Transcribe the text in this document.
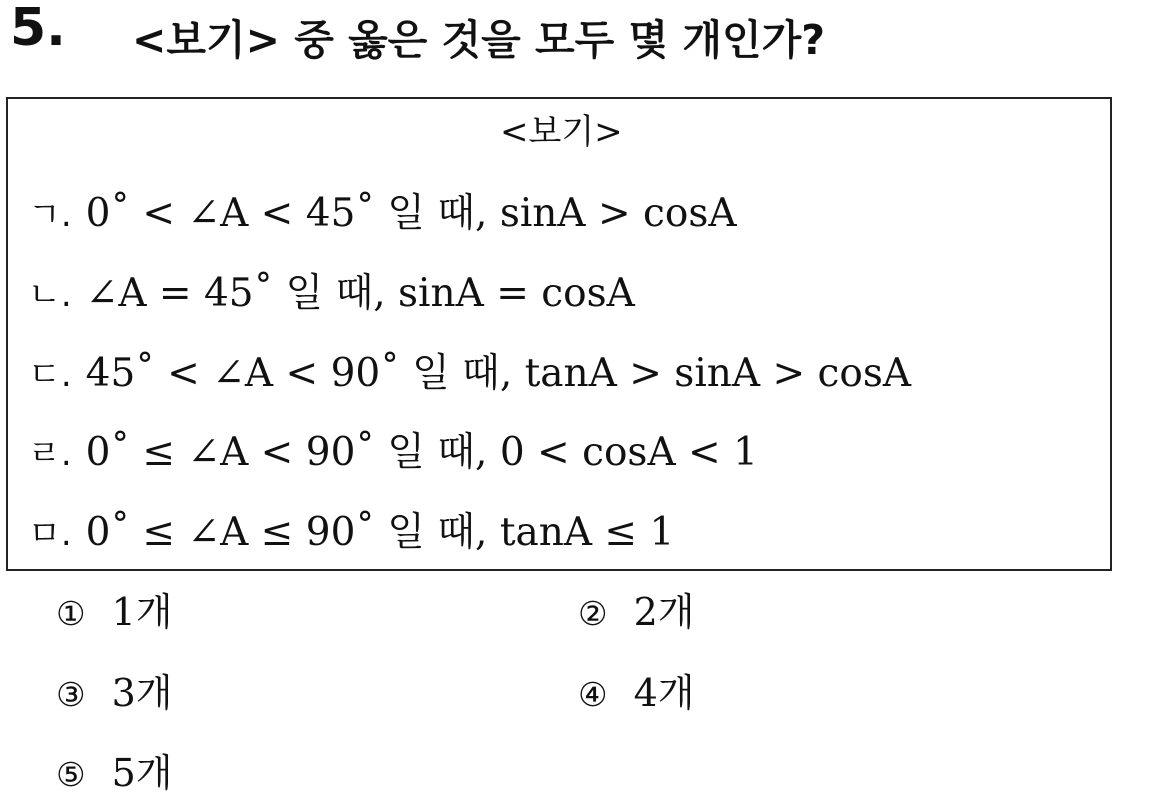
5. <보기> 중 옳은 것을 모두 몇 개인가?
<보기>
ㄱ. 0˚ < ∠A < 45˚ 일 때, sinA > cosA
ㄴ. ∠A = 45˚ 일 때, sinA = cosA
ㄷ. 45˚ < ∠A < 90˚ 일 때, tanA > sinA > cosA
ㄹ. 0˚ ≤ ∠A < 90˚ 일 때, 0 < cosA < 1
ㅁ. 0˚ ≤ ∠A ≤ 90˚ 일 때, tanA ≤ 1
① 1개	② 2개
③ 3개	④ 4개
⑤ 5개
